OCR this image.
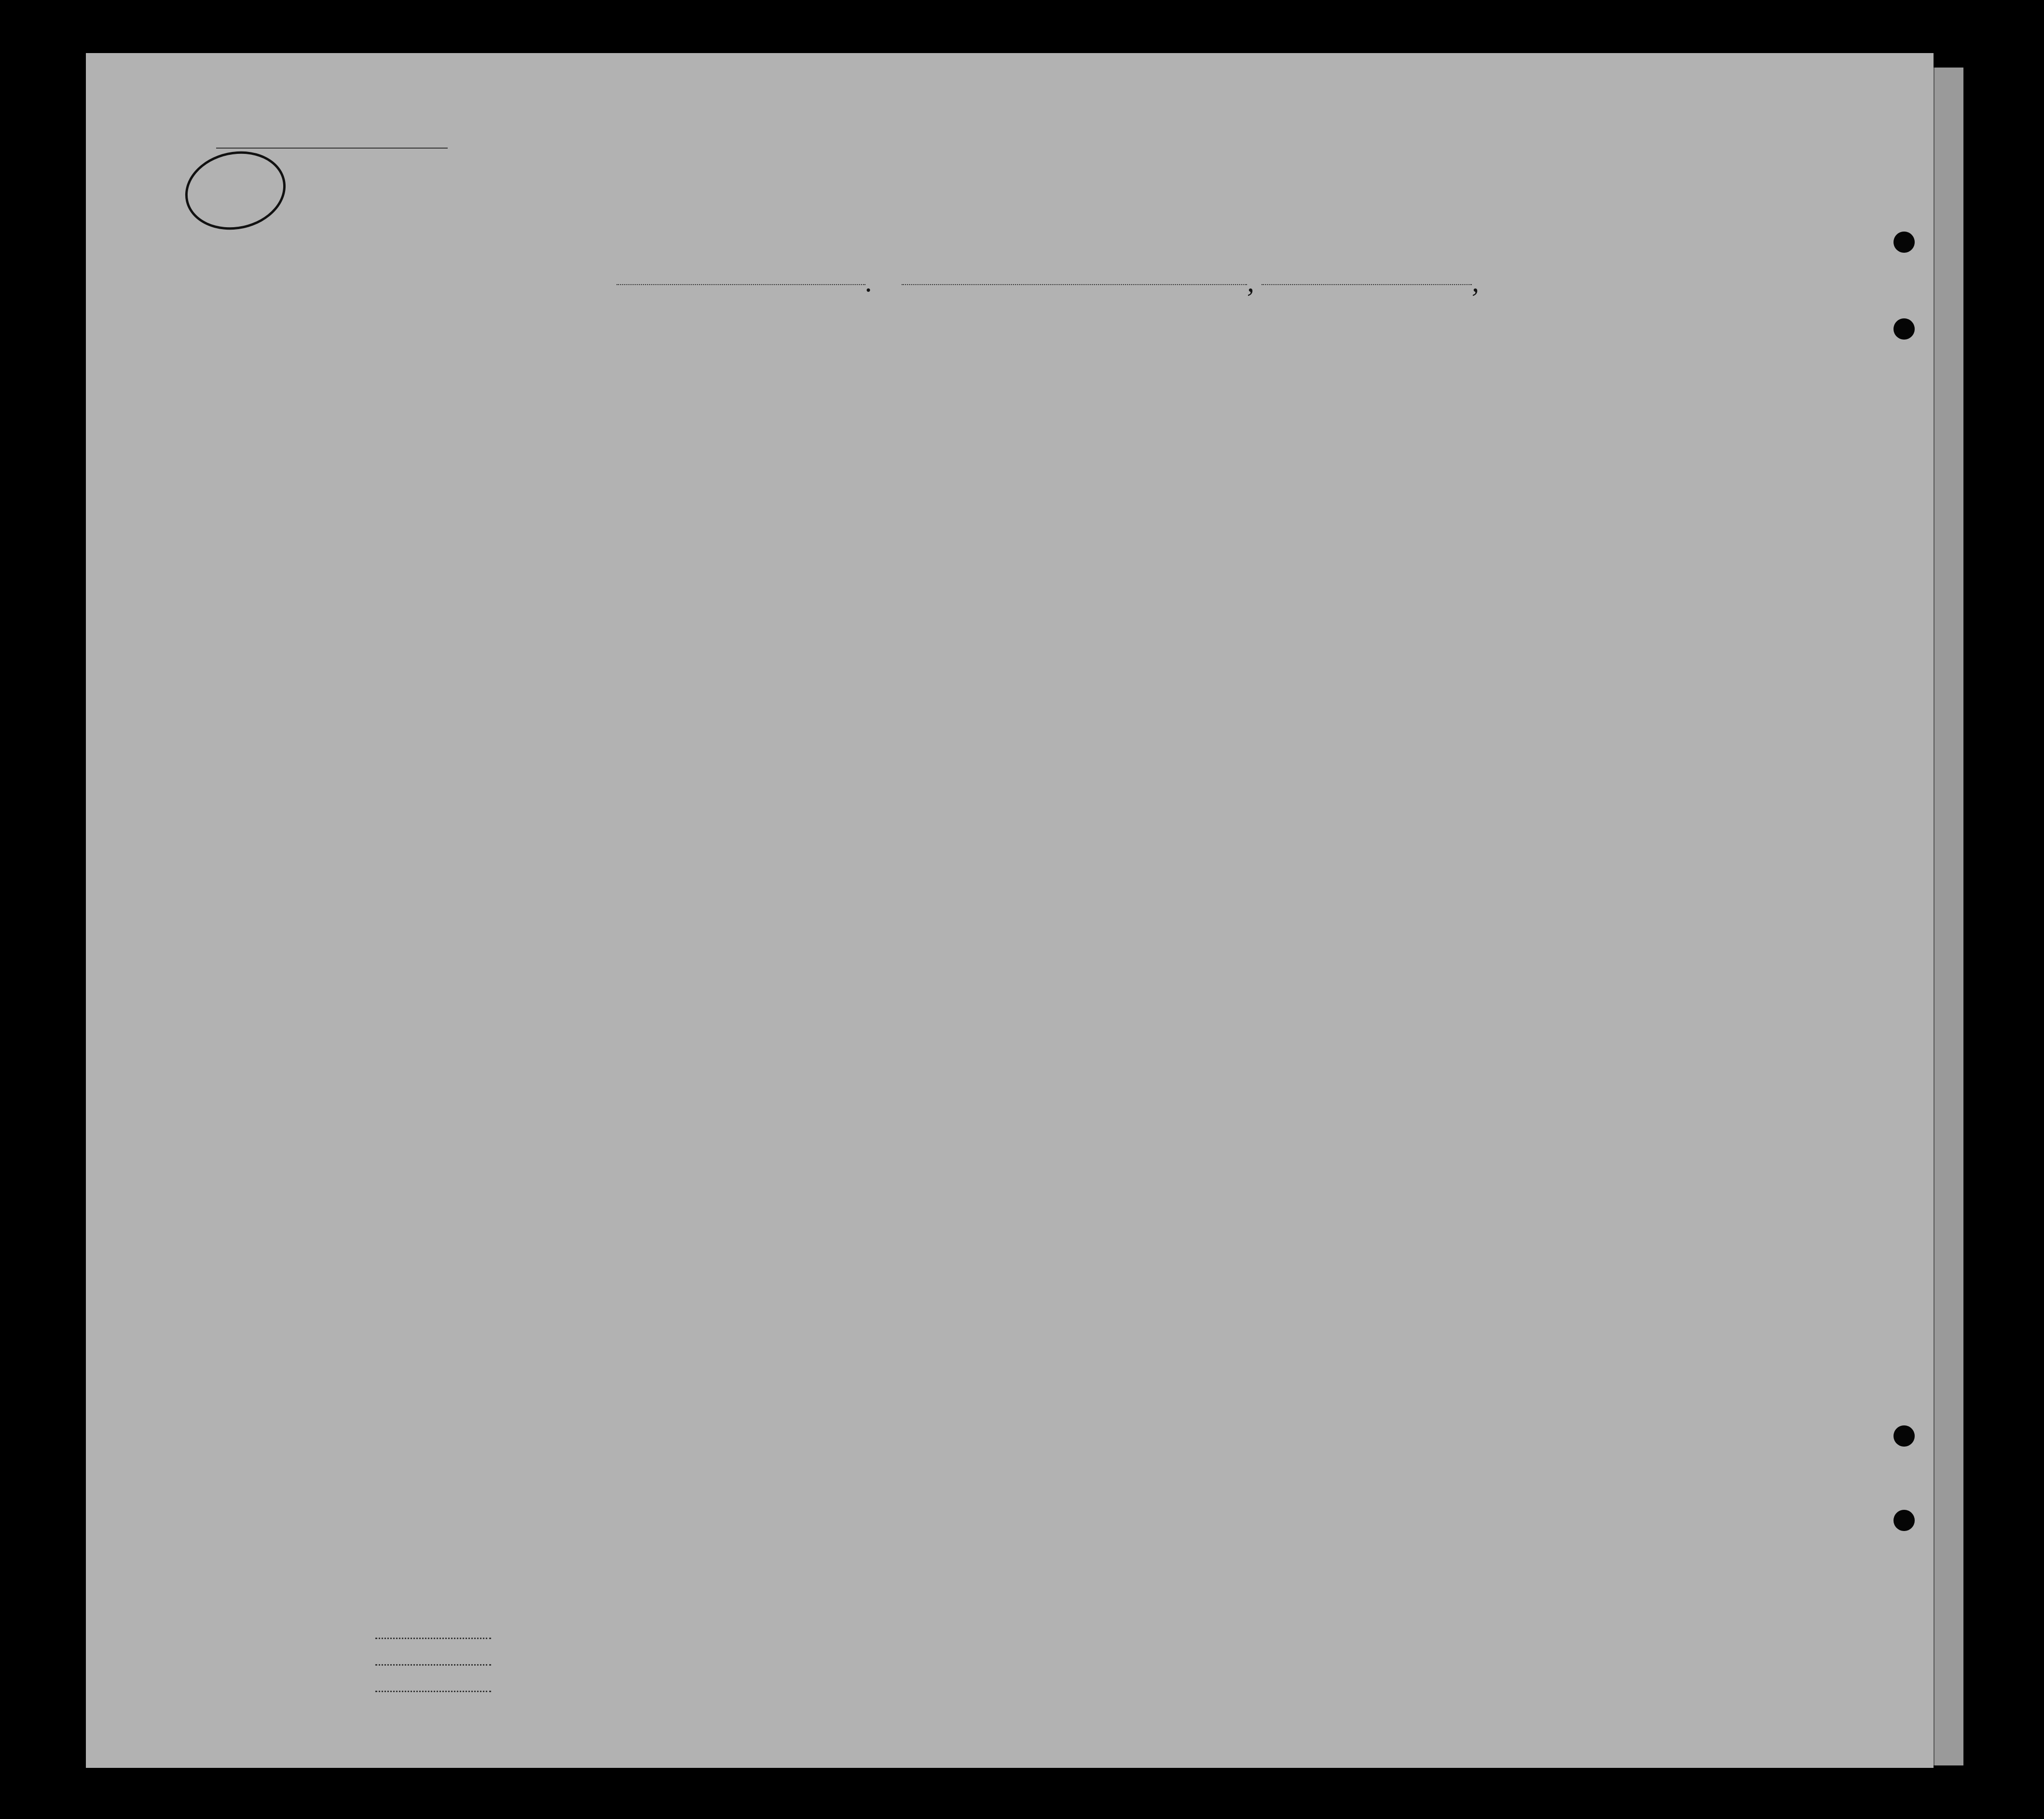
.	,	,
